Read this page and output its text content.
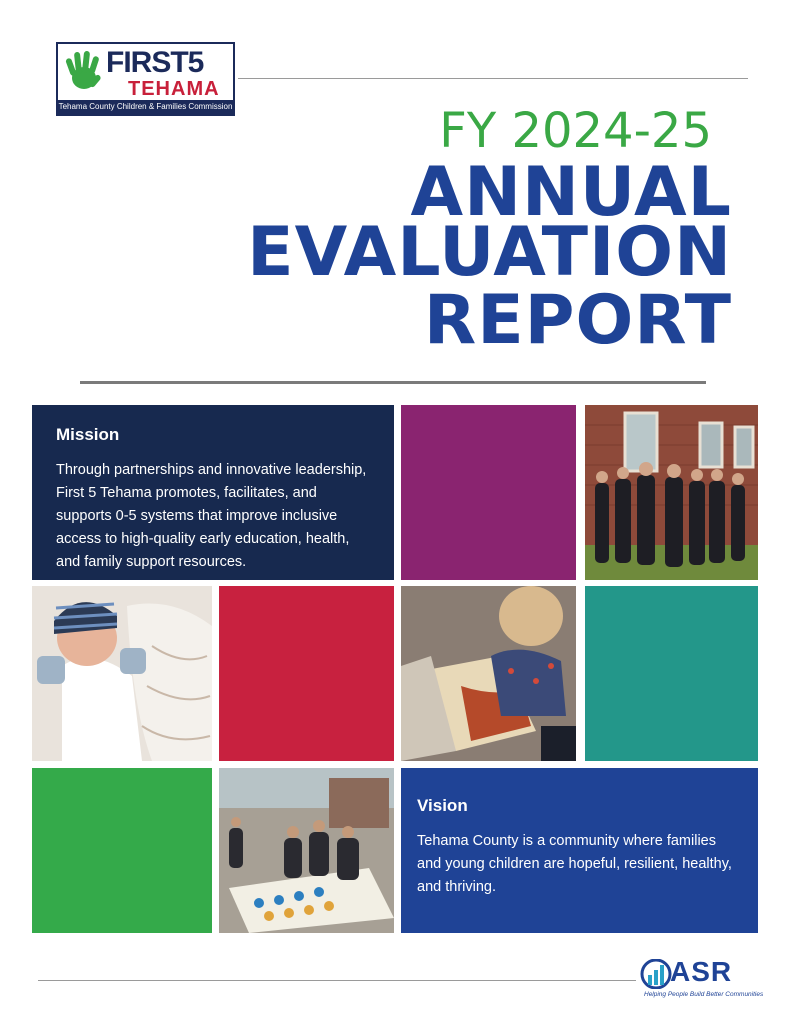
FIRST5
TEHAMA
Tehama County Children & Families Commission	FY 2024-25
ANNUAL
EVALUATION
REPORT
Mission
Through partnerships and innovative leadership, First 5 Tehama promotes, facilitates, and supports 0-5 systems that improve inclusive access to high-quality early education, health, and family support resources.
Vision
Tehama County is a community where families and young children are hopeful, resilient, healthy, and thriving.
ASR
Helping People Build Better Communities
